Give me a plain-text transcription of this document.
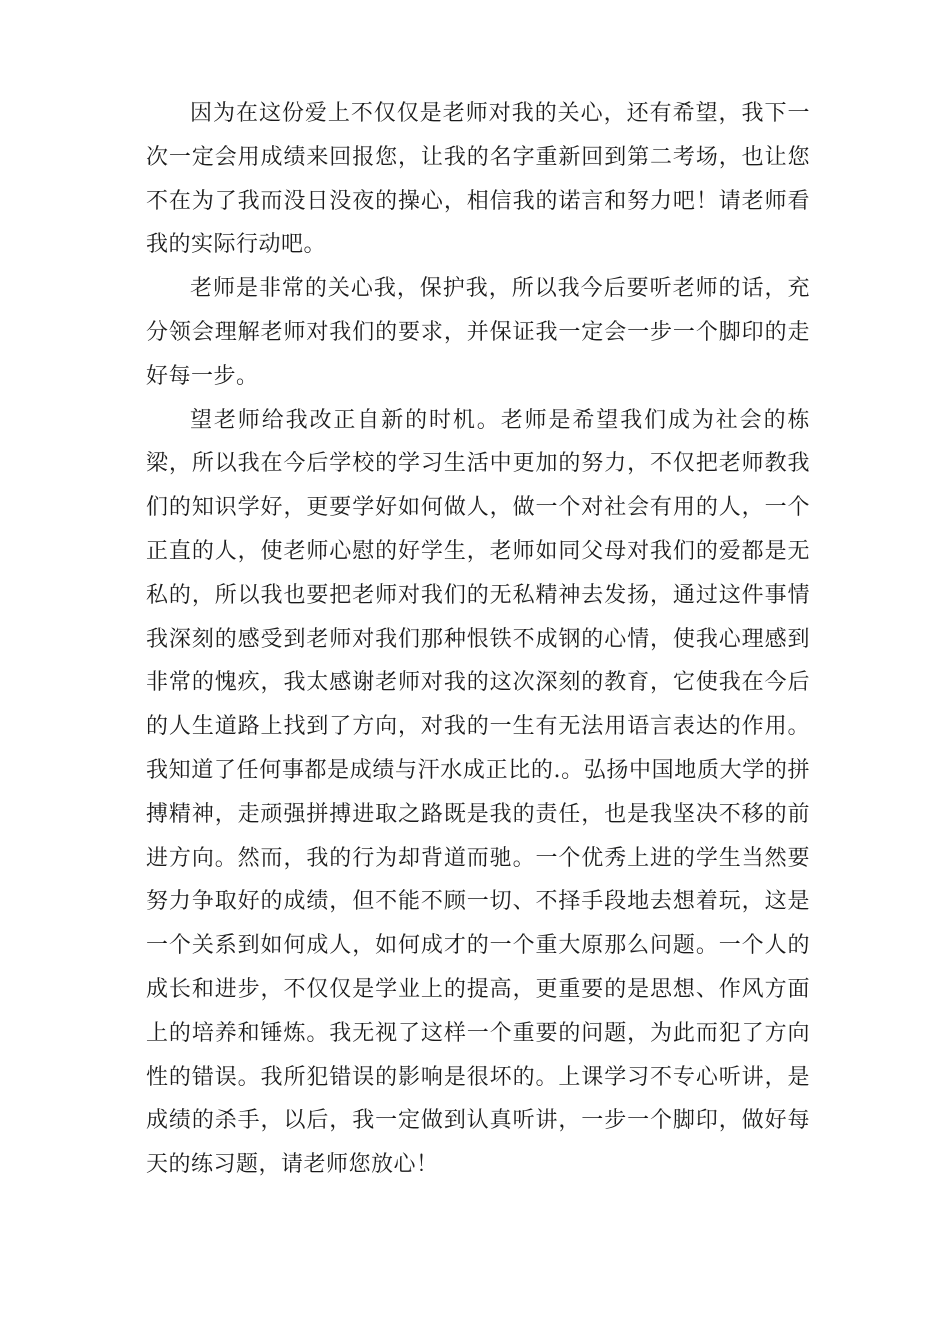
因为在这份爱上不仅仅是老师对我的关心，还有希望，我下一次一定会用成绩来回报您，让我的名字重新回到第二考场，也让您不在为了我而没日没夜的操心，相信我的诺言和努力吧！请老师看我的实际行动吧。

老师是非常的关心我，保护我，所以我今后要听老师的话，充分领会理解老师对我们的要求，并保证我一定会一步一个脚印的走好每一步。

望老师给我改正自新的时机。老师是希望我们成为社会的栋梁，所以我在今后学校的学习生活中更加的努力，不仅把老师教我们的知识学好，更要学好如何做人，做一个对社会有用的人，一个正直的人，使老师心慰的好学生，老师如同父母对我们的爱都是无私的，所以我也要把老师对我们的无私精神去发扬，通过这件事情我深刻的感受到老师对我们那种恨铁不成钢的心情，使我心理感到非常的愧疚，我太感谢老师对我的这次深刻的教育，它使我在今后的人生道路上找到了方向，对我的一生有无法用语言表达的作用。我知道了任何事都是成绩与汗水成正比的.。弘扬中国地质大学的拼搏精神，走顽强拼搏进取之路既是我的责任，也是我坚决不移的前进方向。然而，我的行为却背道而驰。一个优秀上进的学生当然要努力争取好的成绩，但不能不顾一切、不择手段地去想着玩，这是一个关系到如何成人，如何成才的一个重大原那么问题。一个人的成长和进步，不仅仅是学业上的提高，更重要的是思想、作风方面上的培养和锤炼。我无视了这样一个重要的问题，为此而犯了方向性的错误。我所犯错误的影响是很坏的。上课学习不专心听讲，是成绩的杀手，以后，我一定做到认真听讲，一步一个脚印，做好每天的练习题，请老师您放心！
